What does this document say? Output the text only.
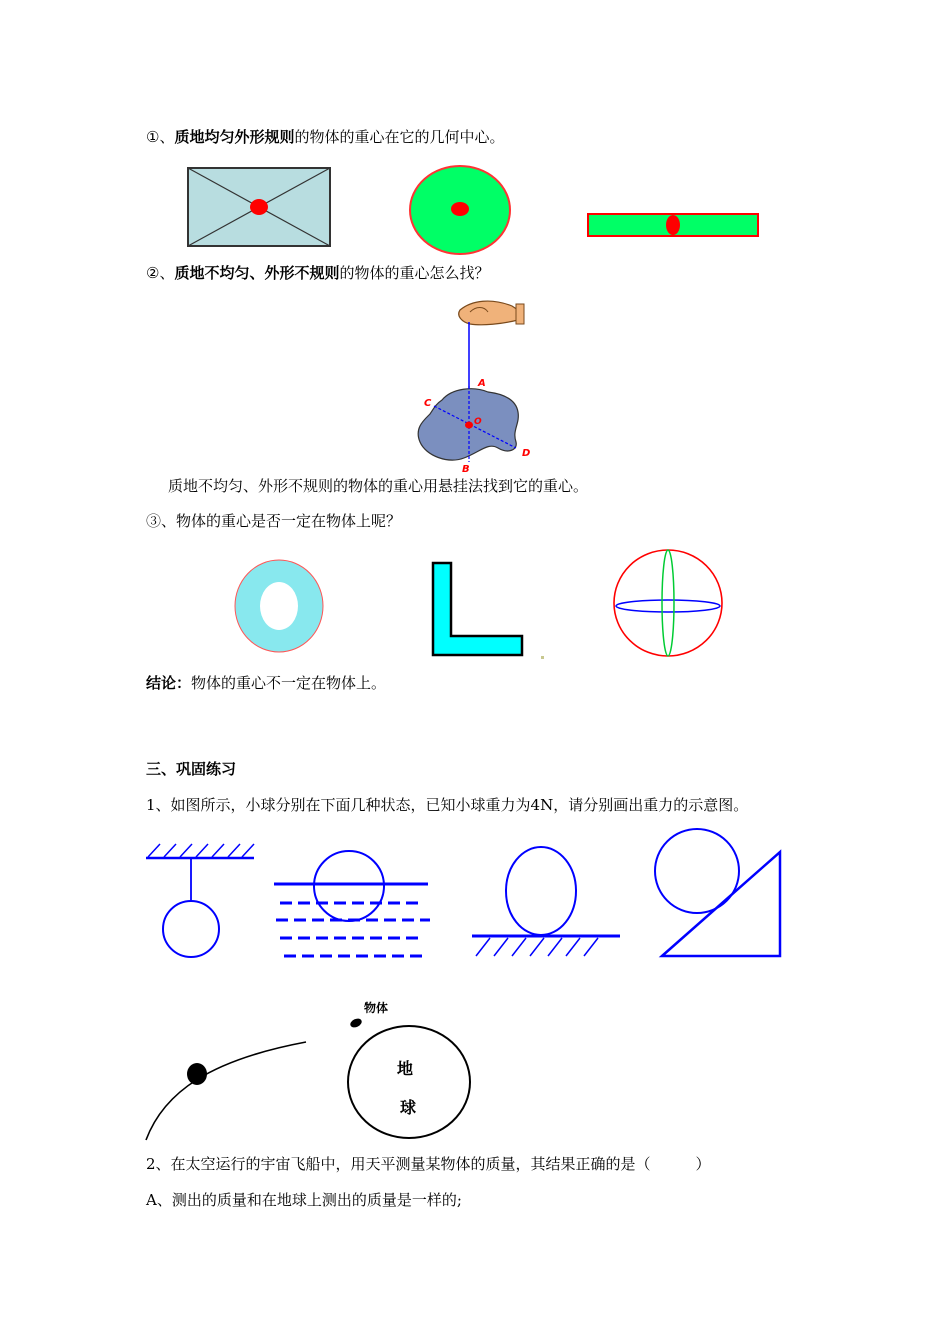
①、质地均匀外形规则的物体的重心在它的几何中心。
②、质地不均匀、外形不规则的物体的重心怎么找？
A
B
C
D
O
质地不均匀、外形不规则的物体的重心用悬挂法找到它的重心。
③、物体的重心是否一定在物体上呢？
结论：物体的重心不一定在物体上。
三、巩固练习
1、如图所示，小球分别在下面几种状态，已知小球重力为4N，请分别画出重力的示意图。
物体
地
球
2、在太空运行的宇宙飞船中，用天平测量某物体的质量，其结果正确的是（　　　）
A、测出的质量和在地球上测出的质量是一样的;
